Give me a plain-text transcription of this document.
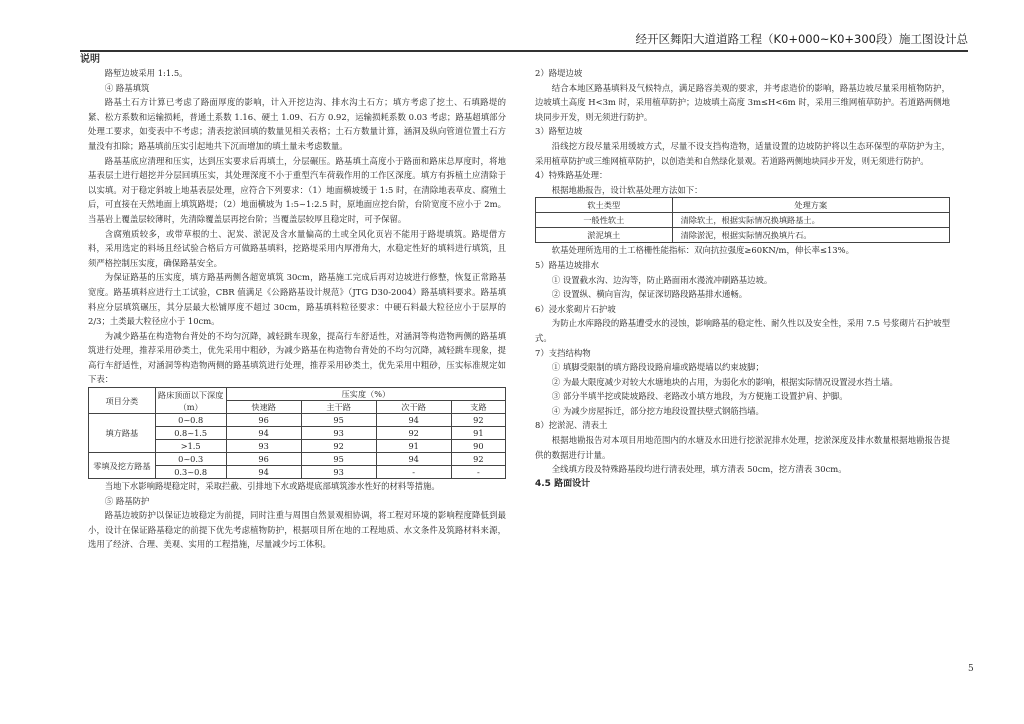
经开区舞阳大道道路工程（K0+000~K0+300段）施工图设计总
说明

路堑边坡采用 1:1.5。

④ 路基填筑

路基土石方计算已考虑了路面厚度的影响，计入开挖边沟、排水沟土石方；填方考虑了挖土、石填路堤的紧、松方系数和运输损耗，普通土系数 1.16、硬土 1.09、石方 0.92，运输损耗系数 0.03 考虑；路基超填部分处理工要求，如变表中不考虑；清表挖淤回填的数量见相关表格；土石方数量计算，涵洞及纵向管道位置土石方量没有扣除；路基填前压实引起地共下沉而增加的填土量未考虑数量。

路基基底应清理和压实，达到压实要求后再填土，分层碾压。路基填土高度小于路面和路床总厚度时，将地基表层土进行超挖并分层回填压实，其处理深度不小于重型汽车荷载作用的工作区深度。填方有拆植土应清除于以实填。对于稳定斜坡上地基表层处理，应符合下列要求：（1）地面横坡缓于 1:5 时，在清除地表草皮、腐殖土后，可直接在天然地面上填筑路堤；（2）地面横坡为 1:5~1:2.5 时，原地面应挖台阶，台阶宽度不应小于 2m。当基岩上覆盖层较薄时，先清除覆盖层再挖台阶；当覆盖层较厚且稳定时，可予保留。

含腐殖质较多，或带草根的土、泥炭、淤泥及含水量偏高的土或全风化页岩不能用于路堤填筑。路堤借方料，采用选定的料场且经试验合格后方可做路基填料，挖路堤采用内厚滑角大，水稳定性好的填料进行填筑，且须严格控制压实度，确保路基安全。

为保证路基的压实度，填方路基两侧各超宽填筑 30cm，路基施工完成后再对边坡进行修整，恢复正常路基宽度。路基填料应进行土工试验，CBR 值满足《公路路基设计规范》（JTG D30-2004）路基填料要求。路基填料应分层填筑碾压，其分层最大松铺厚度不超过 30cm，路基填料粒径要求：中硬石料最大粒径应小于层厚的 2/3；土类最大粒径应小于 10cm。

为减少路基在构造物台背处的不均匀沉降，减轻跳车现象，提高行车舒适性，对涵洞等构造物两侧的路基填筑进行处理，推荐采用砂类土，优先采用中粗砂，为减少路基在构造物台背处的不均匀沉降，减轻跳车现象，提高行车舒适性，对涵洞等构造物两侧的路基填筑进行处理，推荐采用砂类土，优先采用中粗砂，压实标准规定如下表：

项目分类	路床顶面以下深度（m）	压实度（%）			
		快速路	主干路	次干路	支路
填方路基	0~0.8	96	95	94	92
	0.8~1.5	94	93	92	91
	>1.5	93	92	91	90
零填及挖方路基	0~0.3	96	95	94	92
	0.3~0.8	94	93	-	-

当地下水影响路堤稳定时，采取拦截、引排地下水或路堤底部填筑渗水性好的材料等措施。

⑤ 路基防护

路基边坡防护以保证边坡稳定为前提，同时注重与周围自然景观相协调，将工程对环境的影响程度降低到最小，设计在保证路基稳定的前提下优先考虑植物防护，根据项目所在地的工程地质、水文条件及筑路材料来源，选用了经济、合理、美观、实用的工程措施，尽量减少圬工体积。

2）路堤边坡

结合本地区路基填料及气候特点，满足路容美观的要求，并考虑造价的影响，路基边坡尽量采用植物防护，边坡填土高度 H<3m 时，采用植草防护；边坡填土高度 3m≤H<6m 时，采用三维网植草防护。若道路两侧地块同步开发，则无须进行防护。

3）路堑边坡

沿线挖方段尽量采用缓坡方式，尽量不设支挡构造物，适量设置的边坡防护将以生态环保型的草防护为主，采用植草防护或三维网植草防护，以创造美和自然绿化景观。若道路两侧地块同步开发，则无须进行防护。

4）特殊路基处理：

根据地勘报告，设计软基处理方法如下：

软土类型	处理方案
一般性软土	清除软土，根据实际情况换填路基土。
淤泥填土	清除淤泥，根据实际情况换填片石。

软基处理所选用的土工格栅性能指标：双向抗拉强度≥60KN/m，伸长率≤13%。

5）路基边坡排水

① 设置截水沟、边沟等，防止路面雨水漫流冲刷路基边坡。

② 设置纵、横向盲沟，保证深切路段路基排水通畅。

6）浸水浆砌片石护坡

为防止水库路段的路基遭受水的浸蚀，影响路基的稳定性、耐久性以及安全性，采用 7.5 号浆砌片石护坡型式。

7）支挡结构物

① 填脚受限制的填方路段设路肩墙或路堤墙以约束坡脚；

② 为最大限度减少对较大水塘地块的占用，为弱化水的影响，根据实际情况设置浸水挡土墙。

③ 部分半填半挖或陡坡路段、老路改小填方地段，为方便施工设置护肩、护脚。

④ 为减少房屋拆迁，部分挖方地段设置扶壁式钢筋挡墙。

8）挖淤泥、清表土

根据地勘报告对本项目用地范围内的水塘及水田进行挖淤泥排水处理，挖淤深度及排水数量根据地勘报告提供的数据进行计量。

全线填方段及特殊路基段均进行清表处理，填方清表 50cm，挖方清表 30cm。

4.5 路面设计

5
